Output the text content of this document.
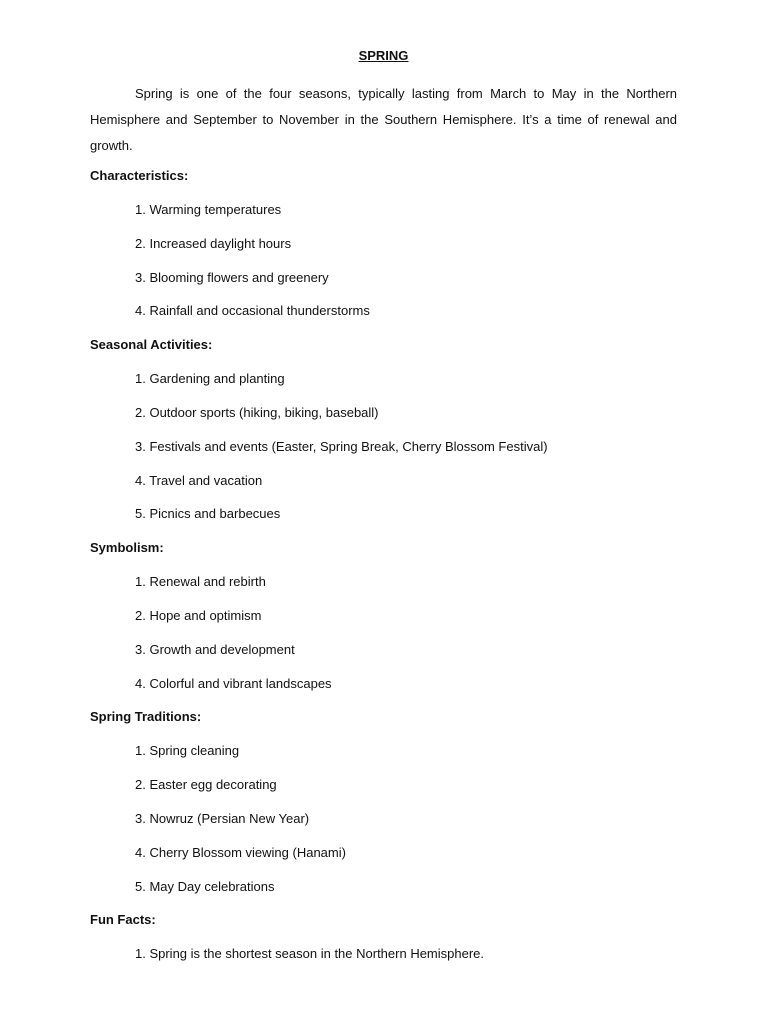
SPRING

Spring is one of the four seasons, typically lasting from March to May in the Northern Hemisphere and September to November in the Southern Hemisphere. It’s a time of renewal and growth.

Characteristics:
1. Warming temperatures
2. Increased daylight hours
3. Blooming flowers and greenery
4. Rainfall and occasional thunderstorms
Seasonal Activities:
1. Gardening and planting
2. Outdoor sports (hiking, biking, baseball)
3. Festivals and events (Easter, Spring Break, Cherry Blossom Festival)
4. Travel and vacation
5. Picnics and barbecues
Symbolism:
1. Renewal and rebirth
2. Hope and optimism
3. Growth and development
4. Colorful and vibrant landscapes
Spring Traditions:
1. Spring cleaning
2. Easter egg decorating
3. Nowruz (Persian New Year)
4. Cherry Blossom viewing (Hanami)
5. May Day celebrations
Fun Facts:
1. Spring is the shortest season in the Northern Hemisphere.
